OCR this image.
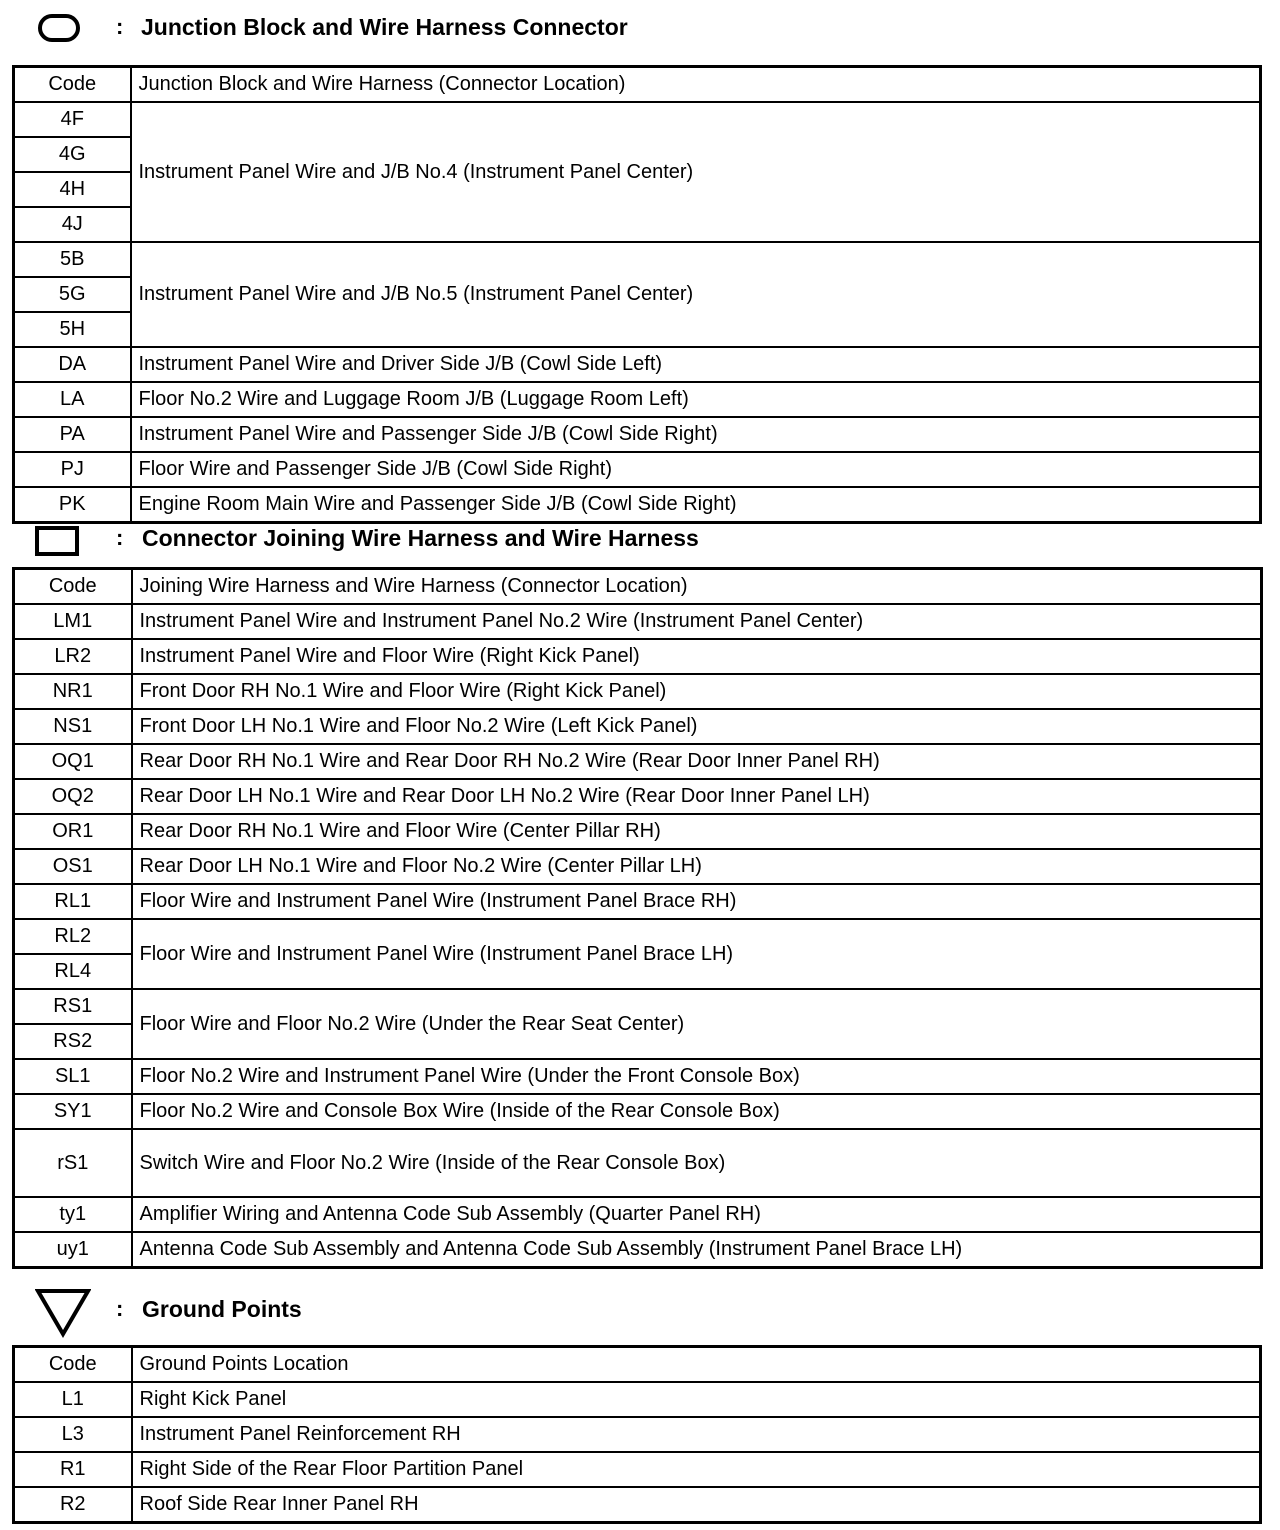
: Junction Block and Wire Harness Connector
Code	Junction Block and Wire Harness (Connector Location)
4F	Instrument Panel Wire and J/B No.4 (Instrument Panel Center)
4G	
4H	
4J	
5B	Instrument Panel Wire and J/B No.5 (Instrument Panel Center)
5G	
5H	
DA	Instrument Panel Wire and Driver Side J/B (Cowl Side Left)
LA	Floor No.2 Wire and Luggage Room J/B (Luggage Room Left)
PA	Instrument Panel Wire and Passenger Side J/B (Cowl Side Right)
PJ	Floor Wire and Passenger Side J/B (Cowl Side Right)
PK	Engine Room Main Wire and Passenger Side J/B (Cowl Side Right)
: Connector Joining Wire Harness and Wire Harness
Code	Joining Wire Harness and Wire Harness (Connector Location)
LM1	Instrument Panel Wire and Instrument Panel No.2 Wire (Instrument Panel Center)
LR2	Instrument Panel Wire and Floor Wire (Right Kick Panel)
NR1	Front Door RH No.1 Wire and Floor Wire (Right Kick Panel)
NS1	Front Door LH No.1 Wire and Floor No.2 Wire (Left Kick Panel)
OQ1	Rear Door RH No.1 Wire and Rear Door RH No.2 Wire (Rear Door Inner Panel RH)
OQ2	Rear Door LH No.1 Wire and Rear Door LH No.2 Wire (Rear Door Inner Panel LH)
OR1	Rear Door RH No.1 Wire and Floor Wire (Center Pillar RH)
OS1	Rear Door LH No.1 Wire and Floor No.2 Wire (Center Pillar LH)
RL1	Floor Wire and Instrument Panel Wire (Instrument Panel Brace RH)
RL2	Floor Wire and Instrument Panel Wire (Instrument Panel Brace LH)
RL4	
RS1	Floor Wire and Floor No.2 Wire (Under the Rear Seat Center)
RS2	
SL1	Floor No.2 Wire and Instrument Panel Wire (Under the Front Console Box)
SY1	Floor No.2 Wire and Console Box Wire (Inside of the Rear Console Box)
rS1	Switch Wire and Floor No.2 Wire (Inside of the Rear Console Box)
ty1	Amplifier Wiring and Antenna Code Sub Assembly (Quarter Panel RH)
uy1	Antenna Code Sub Assembly and Antenna Code Sub Assembly (Instrument Panel Brace LH)
: Ground Points
Code	Ground Points Location
L1	Right Kick Panel
L3	Instrument Panel Reinforcement RH
R1	Right Side of the Rear Floor Partition Panel
R2	Roof Side Rear Inner Panel RH
